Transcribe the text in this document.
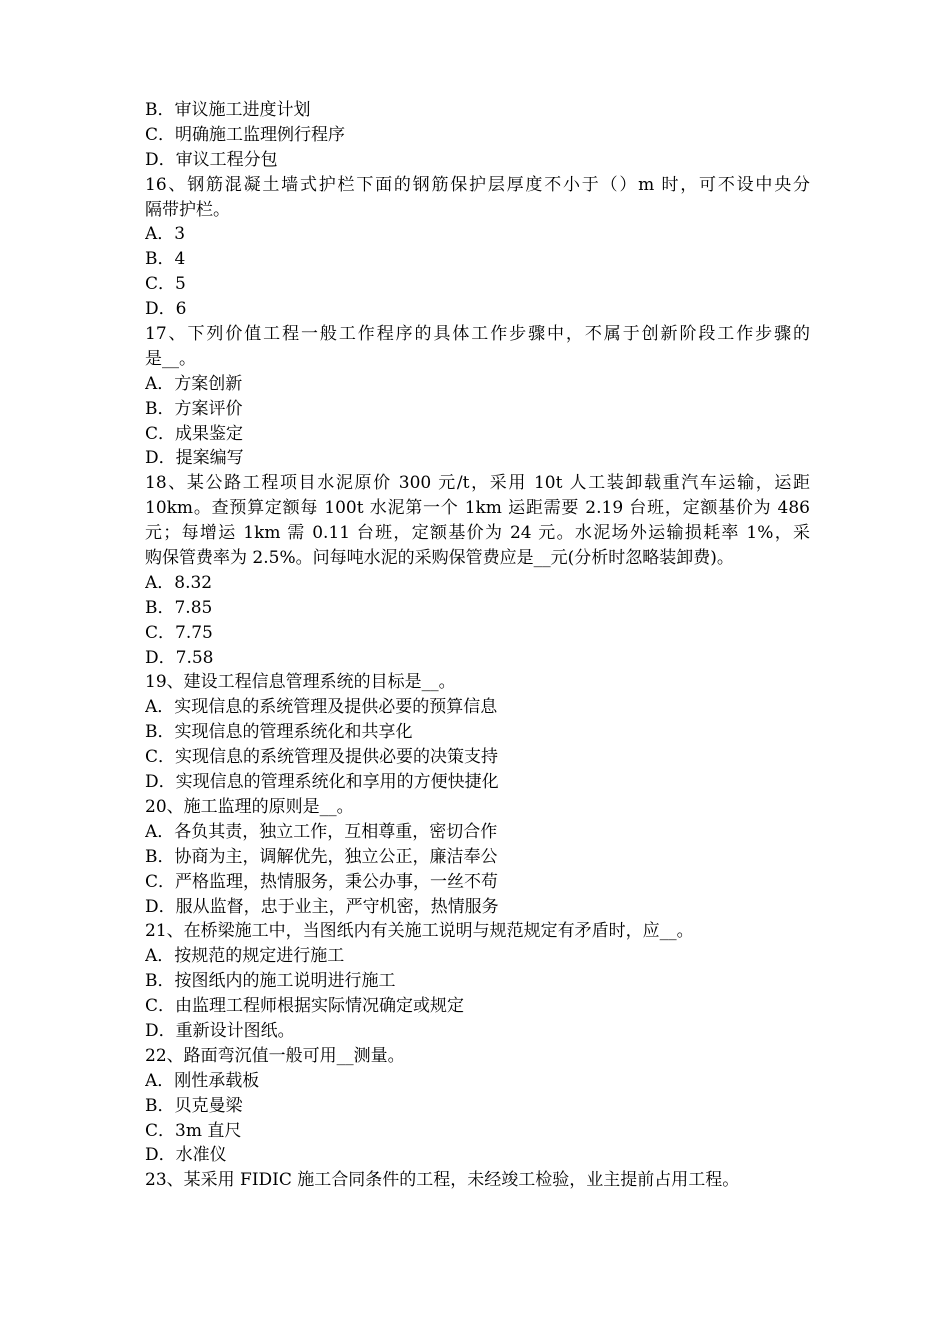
B．审议施工进度计划
C．明确施工监理例行程序
D．审议工程分包
16、钢筋混凝土墙式护栏下面的钢筋保护层厚度不小于（）m 时，可不设中央分
隔带护栏。
A．3
B．4
C．5
D．6
17、下列价值工程一般工作程序的具体工作步骤中，不属于创新阶段工作步骤的
是__。
A．方案创新
B．方案评价
C．成果鉴定
D．提案编写
18、某公路工程项目水泥原价 300 元/t，采用 10t 人工装卸载重汽车运输，运距
10km。查预算定额每 100t 水泥第一个 1km 运距需要 2.19 台班，定额基价为 486
元；每增运 1km 需 0.11 台班，定额基价为 24 元。水泥场外运输损耗率 1%，采
购保管费率为 2.5%。问每吨水泥的采购保管费应是__元(分析时忽略装卸费)。
A．8.32
B．7.85
C．7.75
D．7.58
19、建设工程信息管理系统的目标是__。
A．实现信息的系统管理及提供必要的预算信息
B．实现信息的管理系统化和共享化
C．实现信息的系统管理及提供必要的决策支持
D．实现信息的管理系统化和享用的方便快捷化
20、施工监理的原则是__。
A．各负其责，独立工作，互相尊重，密切合作
B．协商为主，调解优先，独立公正，廉洁奉公
C．严格监理，热情服务，秉公办事，一丝不苟
D．服从监督，忠于业主，严守机密，热情服务
21、在桥梁施工中，当图纸内有关施工说明与规范规定有矛盾时，应__。
A．按规范的规定进行施工
B．按图纸内的施工说明进行施工
C．由监理工程师根据实际情况确定或规定
D．重新设计图纸。
22、路面弯沉值一般可用__测量。
A．刚性承载板
B．贝克曼梁
C．3m 直尺
D．水准仪
23、某采用 FIDIC 施工合同条件的工程，未经竣工检验，业主提前占用工程。
